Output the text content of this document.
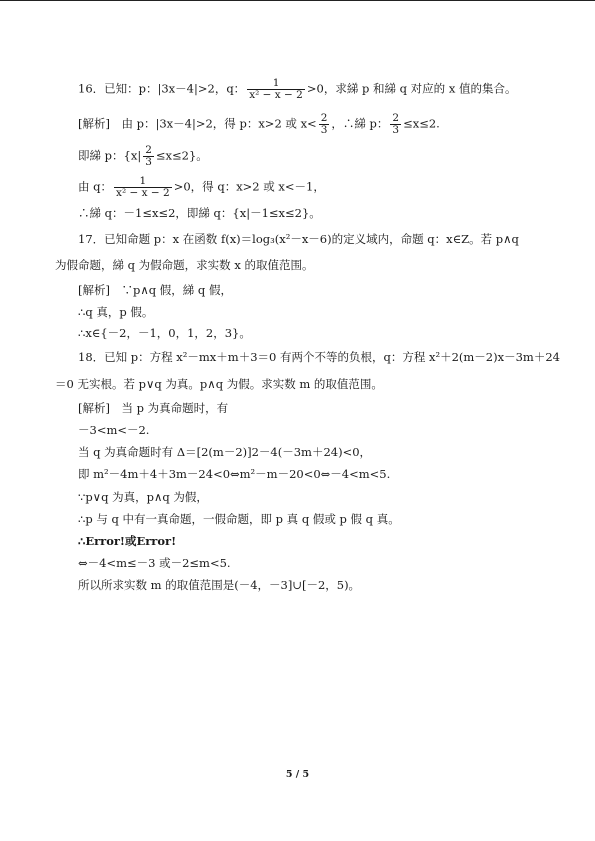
16．已知：p：|3x－4|>2，q： $\frac{1}{\text{x² − x − 2}} >0$，求綈 p 和綈 q 对应的 x 值的集合。
[解析]　由 p：|3x－4|>2，得 p：x>2 或 $x< \frac{2}{3}$ ，∴綈 p： $\frac{2}{3} \le x\le 2$.
即綈 p：$\{x| \frac{2}{3} \le x\le 2\}$。
由 q： $\frac{1}{\text{x² − x − 2}} >0$，得 q：x>2 或 x<－1，
∴綈 q：－1≤x≤2，即綈 q：{x|－1≤x≤2}。
17．已知命题 p：x 在函数 f(x)＝log₃(x²－x－6)的定义域内，命题 q：x∈Z。若 p∧q
为假命题，綈 q 为假命题，求实数 x 的取值范围。
[解析]　∵p∧q 假，綈 q 假，
∴q 真，p 假。
∴x∈{－2，－1，0，1，2，3}。
18．已知 p：方程 x²－mx＋m＋3＝0 有两个不等的负根，q：方程 x²＋2(m－2)x－3m＋24
＝0 无实根。若 p∨q 为真。p∧q 为假。求实数 m 的取值范围。
[解析]　当 p 为真命题时，有
－3<m<－2.
当 q 为真命题时有 Δ＝[2(m－2)]2－4(－3m＋24)<0，
即 m²－4m＋4＋3m－24<0⇔m²－m－20<0⇔－4<m<5.
∵p∨q 为真，p∧q 为假，
∴p 与 q 中有一真命题，一假命题，即 p 真 q 假或 p 假 q 真。
∴Error!或Error!
⇔－4<m≤－3 或－2≤m<5.
所以所求实数 m 的取值范围是(－4，－3]∪[－2，5)。
5 / 5
